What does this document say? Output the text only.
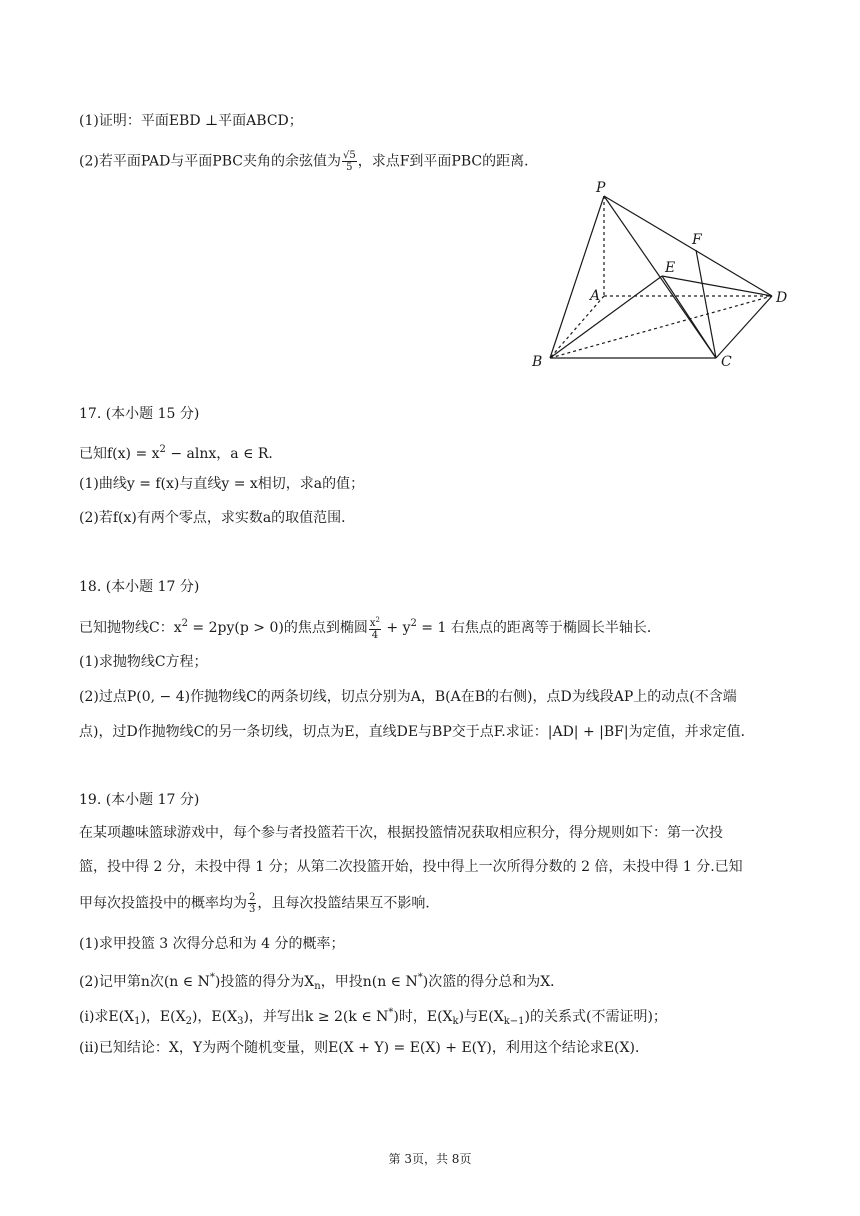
(1)证明：平面EBD ⊥平面ABCD；
(2)若平面PAD与平面PBC夹角的余弦值为 $\frac{√5}{5}$ ，求点F到平面PBC的距离．
P
F
E
A	D
B	C
17. (本小题 15 分)
已知$f(x) = x^2 - alnx$，a ∈ R．
(1)曲线y = f(x)与直线y = x相切，求a的值；
(2)若f(x)有两个零点，求实数a的取值范围．
18. (本小题 17 分)
已知抛物线C：$x^2 = 2py(p > 0)$的焦点到椭圆 $\frac{x^2}{4} + y^2 = 1$ 右焦点的距离等于椭圆长半轴长．
(1)求抛物线C方程；
(2)过点P(0, − 4)作抛物线C的两条切线，切点分别为A，B(A在B的右侧)，点D为线段AP上的动点(不含端
点)，过D作抛物线C的另一条切线，切点为E，直线DE与BP交于点F.求证：|AD| + |BF|为定值，并求定值．
19. (本小题 17 分)
在某项趣味篮球游戏中，每个参与者投篮若干次，根据投篮情况获取相应积分，得分规则如下：第一次投
篮，投中得 2 分，未投中得 1 分；从第二次投篮开始，投中得上一次所得分数的 2 倍，未投中得 1 分.已知
甲每次投篮投中的概率均为 $\frac{2}{3}$ ，且每次投篮结果互不影响．
(1)求甲投篮 3 次得分总和为 4 分的概率；
(2)记甲第n次(n ∈ N*)投篮的得分为$X_n$，甲投n(n ∈ N*)次篮的得分总和为X．
(i)求$E(X_1)$，$E(X_2)$，$E(X_3)$，并写出k ≥ 2(k ∈ N*)时，$E(X_k)$与$E(X_{k-1})$的关系式(不需证明)；
(ii)已知结论：X，Y为两个随机变量，则E(X + Y) = E(X) + E(Y)，利用这个结论求E(X)．
第 3页，共 8页
